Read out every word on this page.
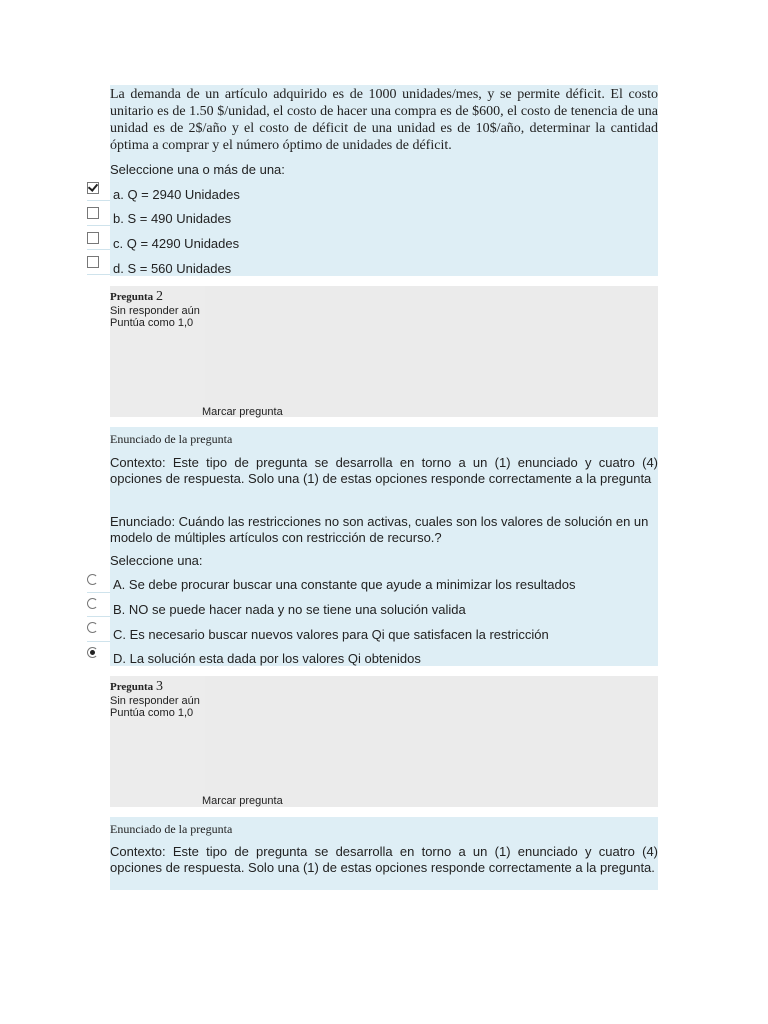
La demanda de un artículo adquirido es de 1000 unidades/mes, y se permite déficit. El costo unitario es de 1.50 $/unidad, el costo de hacer una compra es de $600, el costo de tenencia de una unidad es de 2$/año y el costo de déficit de una unidad es de 10$/año, determinar la cantidad óptima a comprar y el número óptimo de unidades de déficit.
Seleccione una o más de una:
a. Q = 2940 Unidades
b. S = 490 Unidades
c. Q = 4290 Unidades
d. S = 560 Unidades
Pregunta 2
Sin responder aún
Puntúa como 1,0
Marcar pregunta
Enunciado de la pregunta
Contexto: Este tipo de pregunta se desarrolla en torno a un (1) enunciado y cuatro (4) opciones de respuesta. Solo una (1) de estas opciones responde correctamente a la pregunta
Enunciado: Cuándo las restricciones no son activas, cuales son los valores de solución en un modelo de múltiples artículos con restricción de recurso.?
Seleccione una:
A. Se debe procurar buscar una constante que ayude a minimizar los resultados
B. NO se puede hacer nada y no se tiene una solución valida
C. Es necesario buscar nuevos valores para Qi que satisfacen la restricción
D. La solución esta dada por los valores Qi obtenidos
Pregunta 3
Sin responder aún
Puntúa como 1,0
Marcar pregunta
Enunciado de la pregunta
Contexto: Este tipo de pregunta se desarrolla en torno a un (1) enunciado y cuatro (4) opciones de respuesta. Solo una (1) de estas opciones responde correctamente a la pregunta.
